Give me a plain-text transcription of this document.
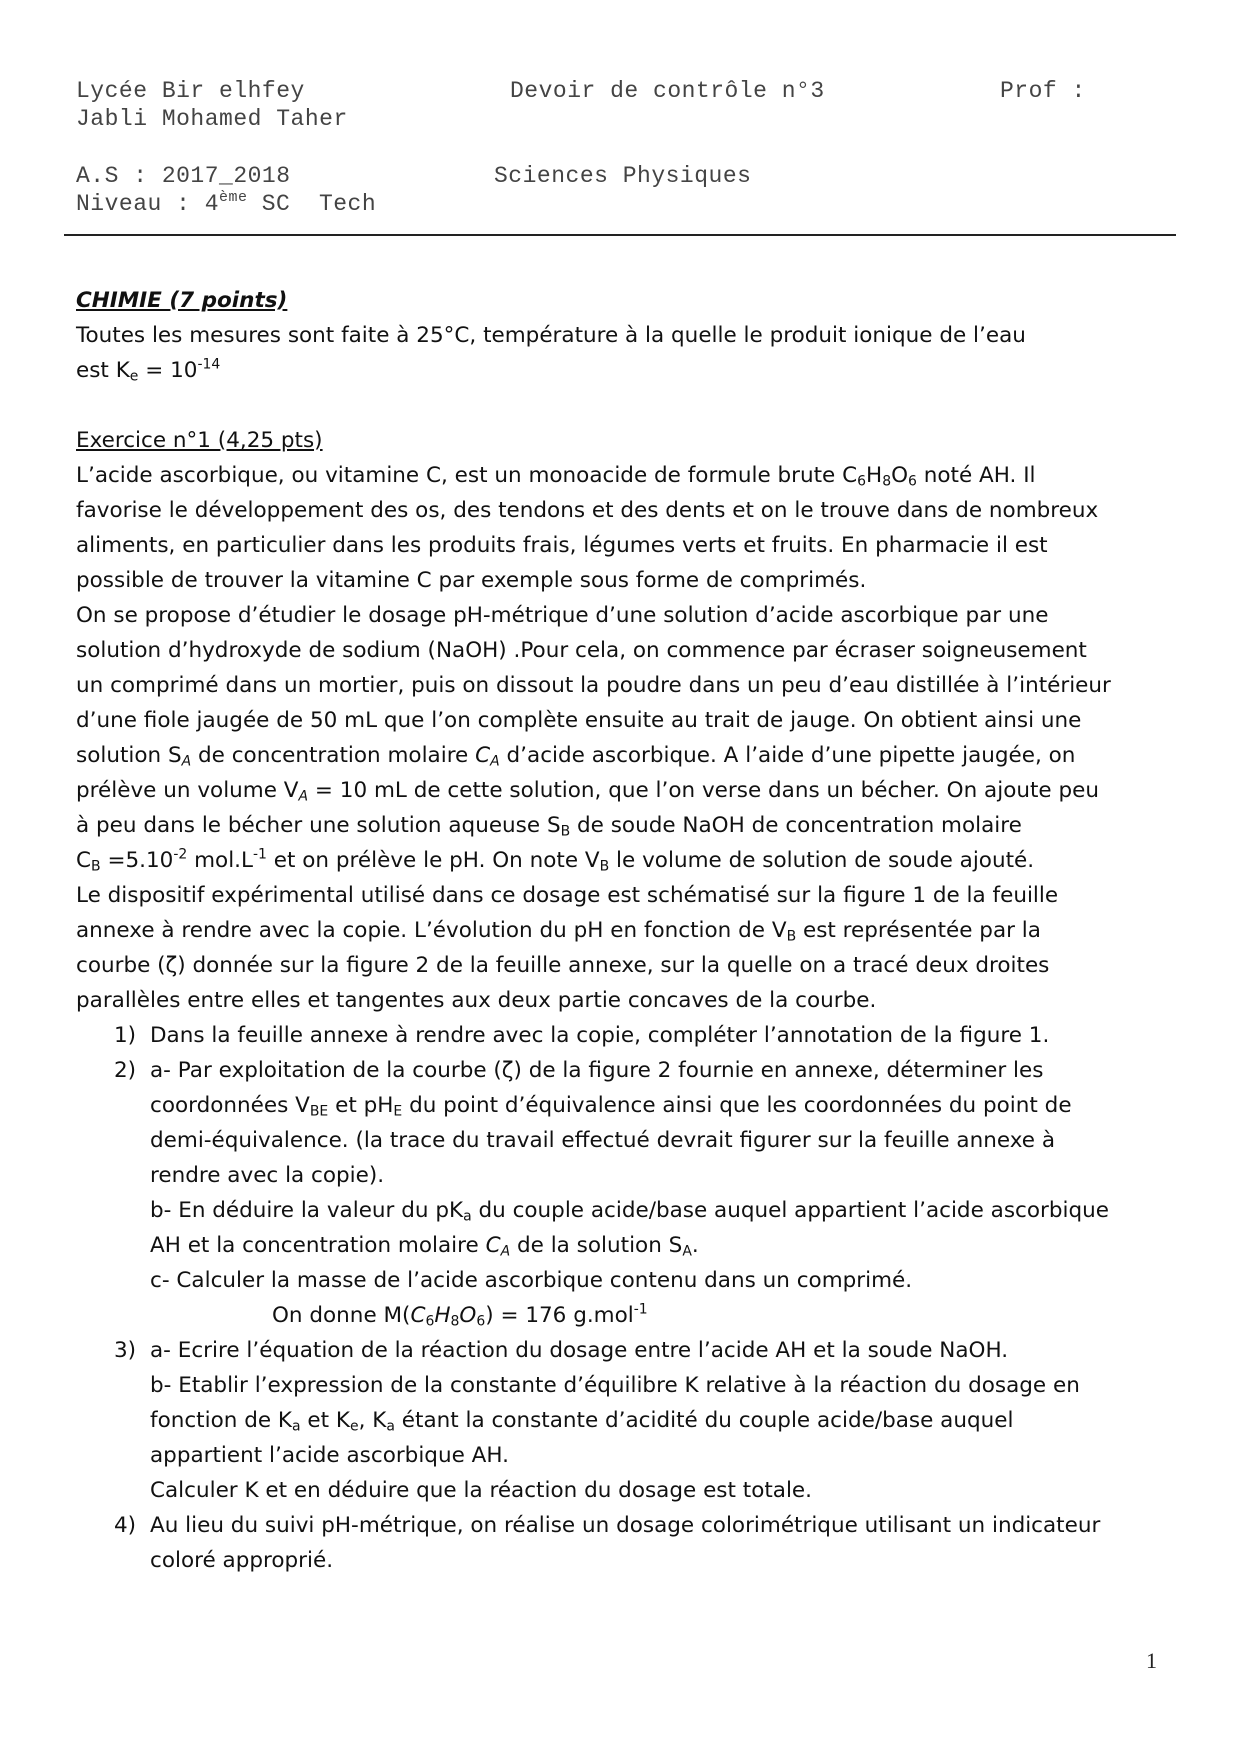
Lycée Bir elhfey	Devoir de contrôle n°3	Prof :
Jabli Mohamed Taher
A.S : 2017_2018	Sciences Physiques
Niveau : 4ème SC  Tech
CHIMIE (7 points)
Toutes les mesures sont faite à 25°C, température à la quelle le produit ionique de l’eau
est $K_e = 10^{-14}$
Exercice n°1 (4,25 pts)
L’acide ascorbique, ou vitamine C, est un monoacide de formule brute $C_6H_8O_6$ noté AH. Il
favorise le développement des os, des tendons et des dents et on le trouve dans de nombreux
aliments, en particulier dans les produits frais, légumes verts et fruits. En pharmacie il est
possible de trouver la vitamine C par exemple sous forme de comprimés.
On se propose d’étudier le dosage pH-métrique d’une solution d’acide ascorbique par une
solution d’hydroxyde de sodium (NaOH) .Pour cela, on commence par écraser soigneusement
un comprimé dans un mortier, puis on dissout la poudre dans un peu d’eau distillée à l’intérieur
d’une fiole jaugée de 50 mL que l’on complète ensuite au trait de jauge. On obtient ainsi une
solution $S_A$ de concentration molaire $C_A$ d’acide ascorbique. A l’aide d’une pipette jaugée, on
prélève un volume $V_A = 10$ mL de cette solution, que l’on verse dans un bécher. On ajoute peu
à peu dans le bécher une solution aqueuse $S_B$ de soude NaOH de concentration molaire
$C_B =5.10^{-2}$ $mol.L^{-1}$ et on prélève le pH. On note $V_B$ le volume de solution de soude ajouté.
Le dispositif expérimental utilisé dans ce dosage est schématisé sur la figure 1 de la feuille
annexe à rendre avec la copie. L’évolution du pH en fonction de $V_B$ est représentée par la
courbe (ζ) donnée sur la figure 2 de la feuille annexe, sur la quelle on a tracé deux droites
parallèles entre elles et tangentes aux deux partie concaves de la courbe.
1) Dans la feuille annexe à rendre avec la copie, compléter l’annotation de la figure 1.
2) a- Par exploitation de la courbe (ζ) de la figure 2 fournie en annexe, déterminer les
coordonnées $V_{BE}$ et $pH_E$ du point d’équivalence ainsi que les coordonnées du point de
demi-équivalence. (la trace du travail effectué devrait figurer sur la feuille annexe à
rendre avec la copie).
b- En déduire la valeur du $pK_a$ du couple acide/base auquel appartient l’acide ascorbique
AH et la concentration molaire $C_A$ de la solution $S_A$.
c- Calculer la masse de l’acide ascorbique contenu dans un comprimé.
On donne $M(C_6H_8O_6) = 176$ g.mol$^{-1}$
3) a- Ecrire l’équation de la réaction du dosage entre l’acide AH et la soude NaOH.
b- Etablir l’expression de la constante d’équilibre K relative à la réaction du dosage en
fonction de $K_a$ et $K_e$, $K_a$ étant la constante d’acidité du couple acide/base auquel
appartient l’acide ascorbique AH.
Calculer K et en déduire que la réaction du dosage est totale.
4) Au lieu du suivi pH-métrique, on réalise un dosage colorimétrique utilisant un indicateur
coloré approprié.
1
